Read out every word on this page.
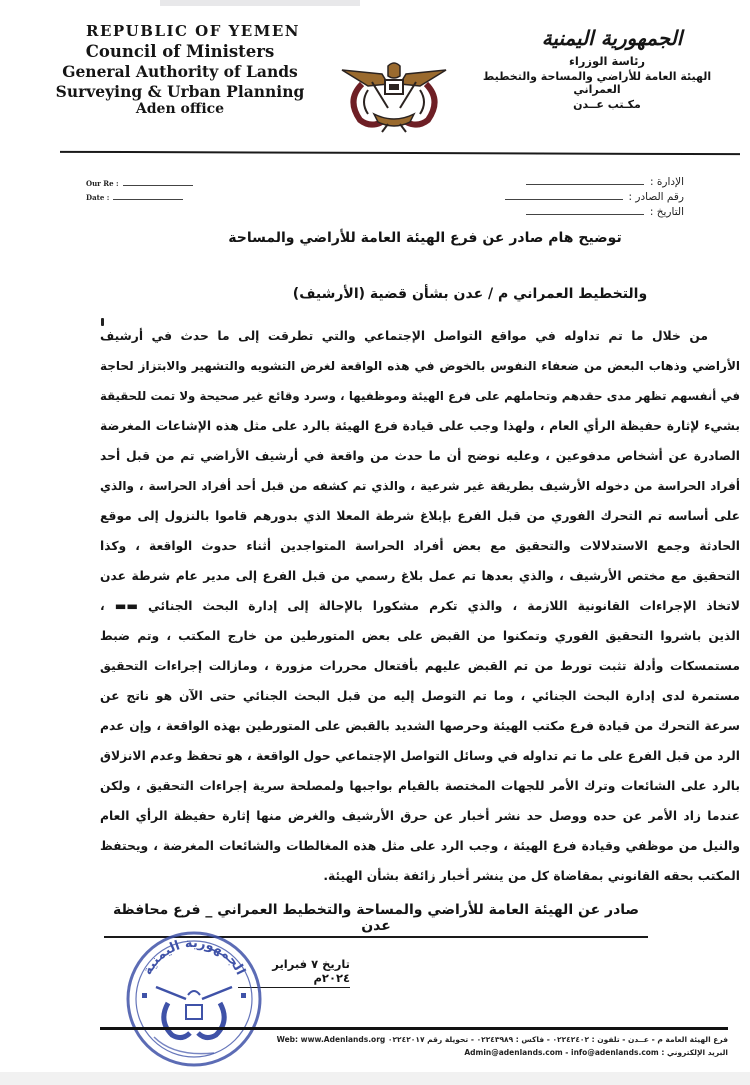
REPUBLIC OF YEMEN
Council of Ministers
General Authority of Lands
Surveying & Urban Planning
Aden office
الجمهورية اليمنية
رئاسة الوزراء
الهيئة العامة للأراضي والمساحة والتخطيط العمراني
مكـتب عــدن
Our Re :
Date :
الإدارة :
رقم الصادر :
التاريخ :
توضيح هام صادر عن فرع الهيئة العامة للأراضي والمساحة
والتخطيط العمراني م / عدن بشأن قضية (الأرشيف)
من خلال ما تم تداوله في مواقع التواصل الإجتماعي والتي تطرقت إلى ما حدث في أرشيف
الأراضي وذهاب البعض من ضعفاء النفوس بالخوض في هذه الواقعة لغرض التشويه والتشهير والابتزاز لحاجة
في أنفسهم تظهر مدى حقدهم وتحاملهم على فرع الهيئة وموظفيها ، وسرد وقائع غير صحيحة ولا تمت للحقيقة
بشيء لإثارة حفيظة الرأي العام ، ولهذا وجب على قيادة فرع الهيئة بالرد على مثل هذه الإشاعات المغرضة
الصادرة عن أشخاص مدفوعين ، وعليه نوضح أن ما حدث من واقعة في أرشيف الأراضي تم من قبل أحد
أفراد الحراسة من دخوله الأرشيف بطريقة غير شرعية ، والذي تم كشفه من قبل أحد أفراد الحراسة ، والذي
على أساسه تم التحرك الفوري من قبل الفرع بإبلاغ شرطة المعلا الذي بدورهم قاموا بالنزول إلى موقع
الحادثة وجمع الاستدلالات والتحقيق مع بعض أفراد الحراسة المتواجدين أثناء حدوث الواقعة ، وكذا
التحقيق مع مختص الأرشيف ، والذي بعدها تم عمل بلاغ رسمي من قبل الفرع إلى مدير عام شرطة عدن
لاتخاذ الإجراءات القانونية اللازمة ، والذي تكرم مشكورا بالإحالة إلى إدارة البحث الجنائي ▬▬ ،
الذين باشروا التحقيق الفوري وتمكنوا من القبض على بعض المتورطين من خارج المكتب ، وتم ضبط
مستمسكات وأدلة تثبت تورط من تم القبض عليهم بأفتعال محررات مزورة ، ومازالت إجراءات التحقيق
مستمرة لدى إدارة البحث الجنائي ، وما تم التوصل إليه من قبل البحث الجنائي حتى الآن هو ناتج عن
سرعة التحرك من قيادة فرع مكتب الهيئة وحرصها الشديد بالقبض على المتورطين بهذه الواقعة ، وإن عدم
الرد من قبل الفرع على ما تم تداوله في وسائل التواصل الإجتماعي حول الواقعة ، هو تحفظ وعدم الانزلاق
بالرد على الشائعات وترك الأمر للجهات المختصة بالقيام بواجبها ولمصلحة سرية إجراءات التحقيق ، ولكن
عندما زاد الأمر عن حده ووصل حد نشر أخبار عن حرق الأرشيف والغرض منها إثارة حفيظة الرأي العام
والنيل من موظفي وقيادة فرع الهيئة ، وجب الرد على مثل هذه المغالطات والشائعات المغرضة ، ويحتفظ
المكتب بحقه القانوني بمقاضاة كل من ينشر أخبار زائفة بشأن الهيئة.
صادر عن الهيئة العامة للأراضي والمساحة والتخطيط العمراني _ فرع محافظة عدن
تاريخ ٧ فبراير ٢٠٢٤م
الجمهورية اليمنية
فرع الهيئة العامة م - عــدن - تلفون : ٠٢٢٤٢٤٠٢ - فاكس : ٠٢٢٤٣٩٨٩ - تحويلة رقم ٠٢٢٤٢٠١٧ Web: www.Adenlands.org
البريد الإلكتروني : Admin@adenlands.com - info@adenlands.com
